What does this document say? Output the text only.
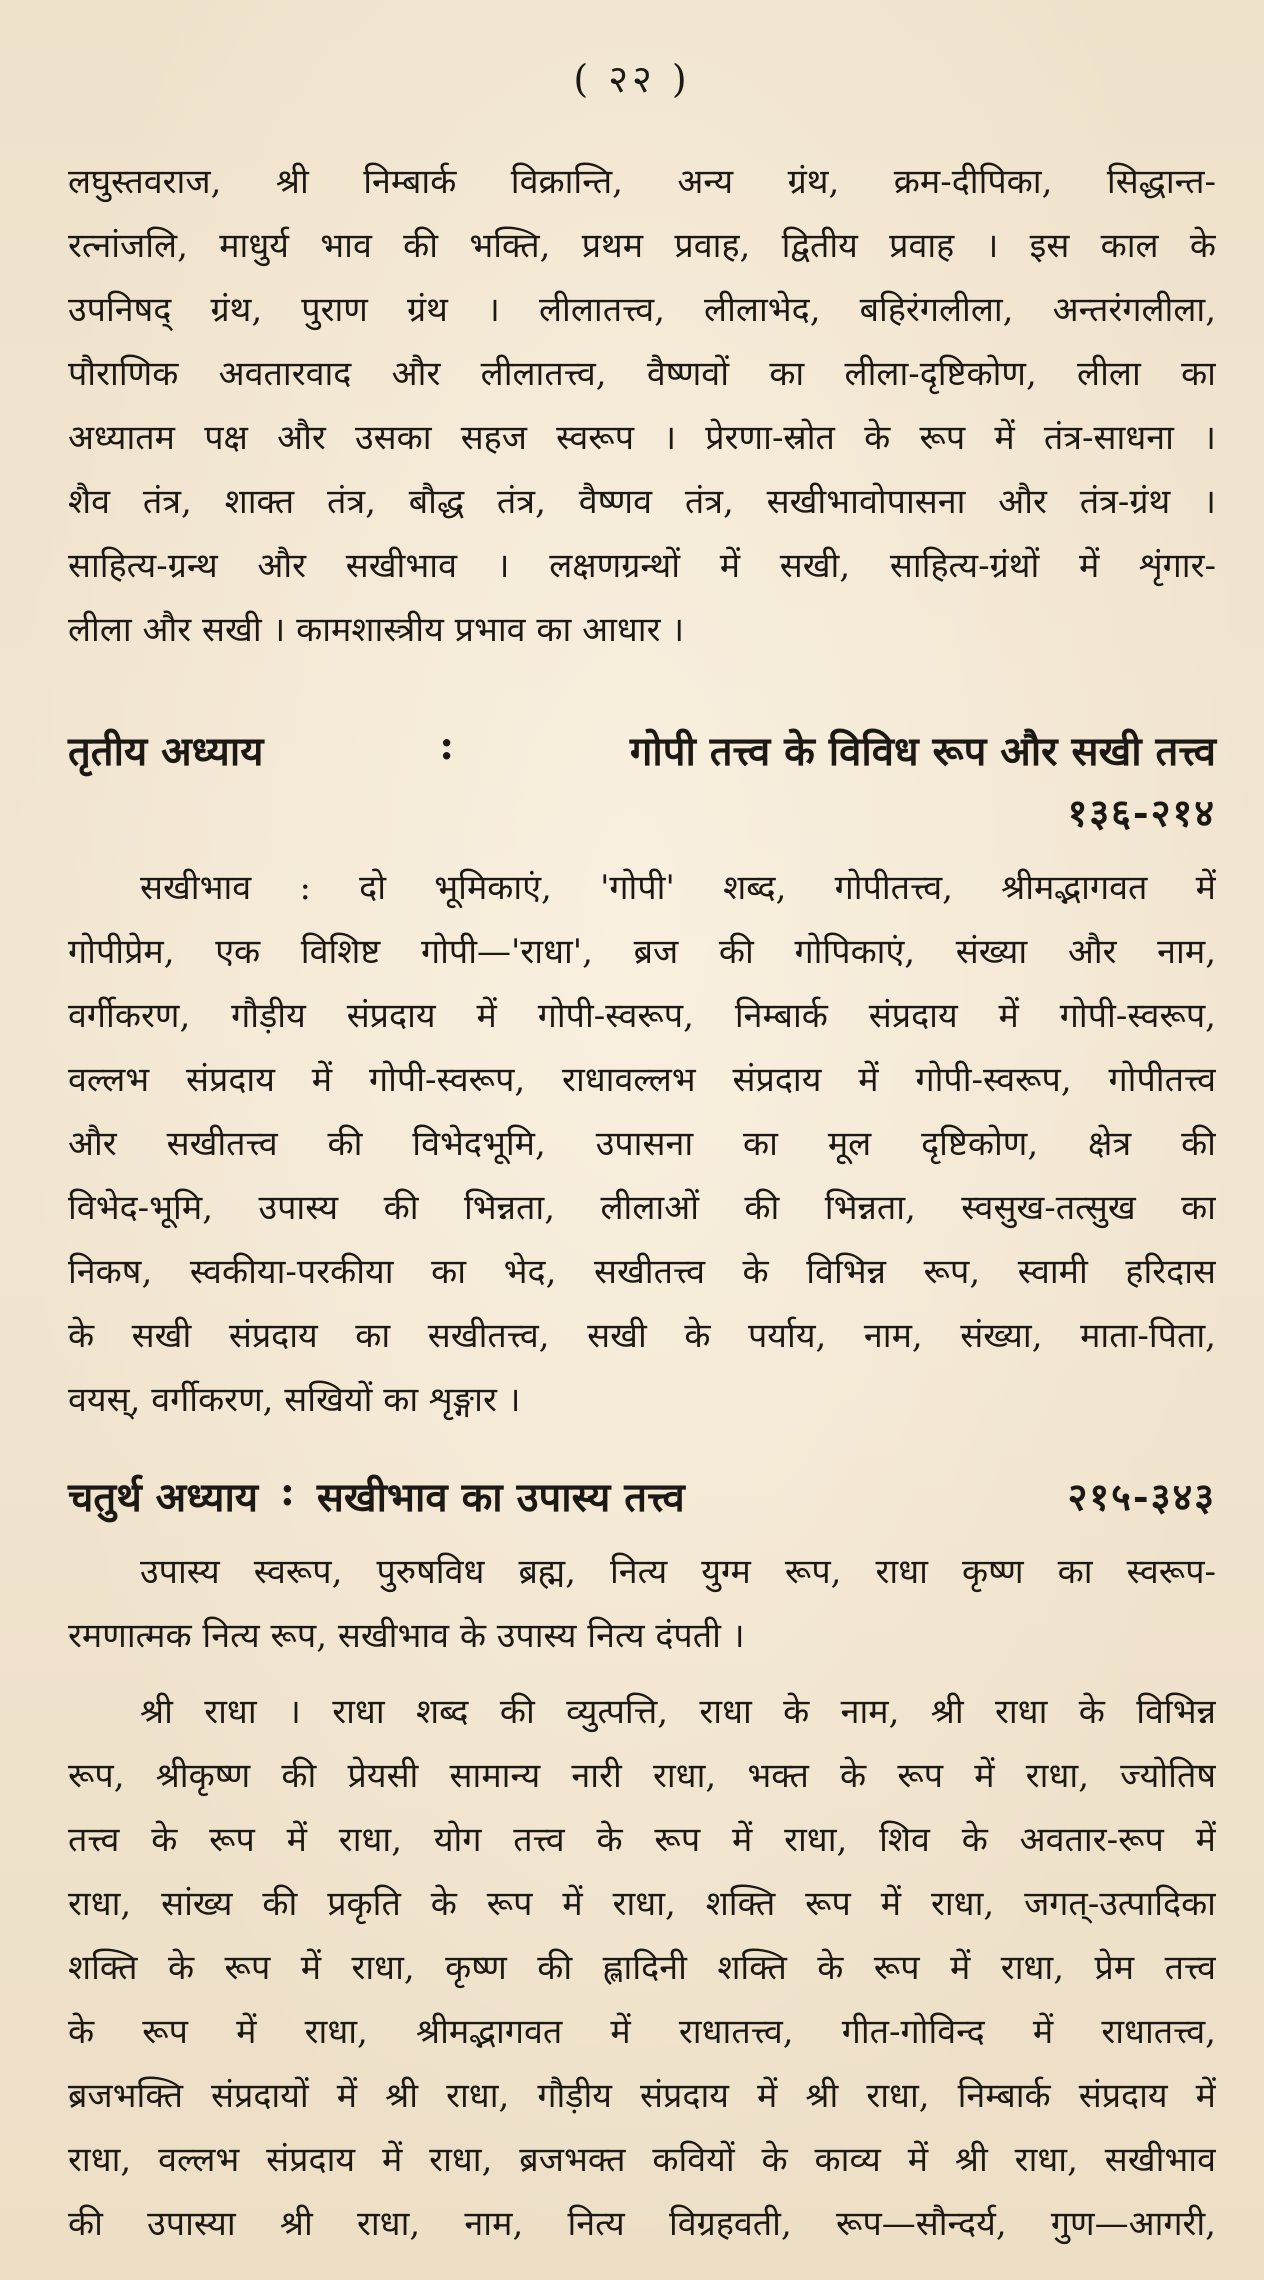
( २२ )
लघुस्तवराज, श्री निम्बार्क विक्रान्ति, अन्य ग्रंथ, क्रम-दीपिका, सिद्धान्त-
रत्नांजलि, माधुर्य भाव की भक्ति, प्रथम प्रवाह, द्वितीय प्रवाह । इस काल के
उपनिषद् ग्रंथ, पुराण ग्रंथ । लीलातत्त्व, लीलाभेद, बहिरंगलीला, अन्तरंगलीला,
पौराणिक अवतारवाद और लीलातत्त्व, वैष्णवों का लीला-दृष्टिकोण, लीला का
अध्यातम पक्ष और उसका सहज स्वरूप । प्रेरणा-स्रोत के रूप में तंत्र-साधना ।
शैव तंत्र, शाक्त तंत्र, बौद्ध तंत्र, वैष्णव तंत्र, सखीभावोपासना और तंत्र-ग्रंथ ।
साहित्य-ग्रन्थ और सखीभाव । लक्षणग्रन्थों में सखी, साहित्य-ग्रंथों में शृंगार-
लीला और सखी । कामशास्त्रीय प्रभाव का आधार ।
तृतीय अध्याय	:	गोपी तत्त्व के विविध रूप और सखी तत्त्व
१३६-२१४
सखीभाव : दो भूमिकाएं, 'गोपी' शब्द, गोपीतत्त्व, श्रीमद्भागवत में
गोपीप्रेम, एक विशिष्ट गोपी—'राधा', ब्रज की गोपिकाएं, संख्या और नाम,
वर्गीकरण, गौड़ीय संप्रदाय में गोपी-स्वरूप, निम्बार्क संप्रदाय में गोपी-स्वरूप,
वल्लभ संप्रदाय में गोपी-स्वरूप, राधावल्लभ संप्रदाय में गोपी-स्वरूप, गोपीतत्त्व
और सखीतत्त्व की विभेदभूमि, उपासना का मूल दृष्टिकोण, क्षेत्र की
विभेद-भूमि, उपास्य की भिन्नता, लीलाओं की भिन्नता, स्वसुख-तत्सुख का
निकष, स्वकीया-परकीया का भेद, सखीतत्त्व के विभिन्न रूप, स्वामी हरिदास
के सखी संप्रदाय का सखीतत्त्व, सखी के पर्याय, नाम, संख्या, माता-पिता,
वयस्, वर्गीकरण, सखियों का शृङ्गार ।
चतुर्थ अध्याय : सखीभाव का उपास्य तत्त्व	२१५-३४३
उपास्य स्वरूप, पुरुषविध ब्रह्म, नित्य युग्म रूप, राधा कृष्ण का स्वरूप-
रमणात्मक नित्य रूप, सखीभाव के उपास्य नित्य दंपती ।
श्री राधा । राधा शब्द की व्युत्पत्ति, राधा के नाम, श्री राधा के विभिन्न
रूप, श्रीकृष्ण की प्रेयसी सामान्य नारी राधा, भक्त के रूप में राधा, ज्योतिष
तत्त्व के रूप में राधा, योग तत्त्व के रूप में राधा, शिव के अवतार-रूप में
राधा, सांख्य की प्रकृति के रूप में राधा, शक्ति रूप में राधा, जगत्-उत्पादिका
शक्ति के रूप में राधा, कृष्ण की ह्लादिनी शक्ति के रूप में राधा, प्रेम तत्त्व
के रूप में राधा, श्रीमद्भागवत में राधातत्त्व, गीत-गोविन्द में राधातत्त्व,
ब्रजभक्ति संप्रदायों में श्री राधा, गौड़ीय संप्रदाय में श्री राधा, निम्बार्क संप्रदाय में
राधा, वल्लभ संप्रदाय में राधा, ब्रजभक्त कवियों के काव्य में श्री राधा, सखीभाव
की उपास्या श्री राधा, नाम, नित्य विग्रहवती, रूप—सौन्दर्य, गुण—आगरी,
